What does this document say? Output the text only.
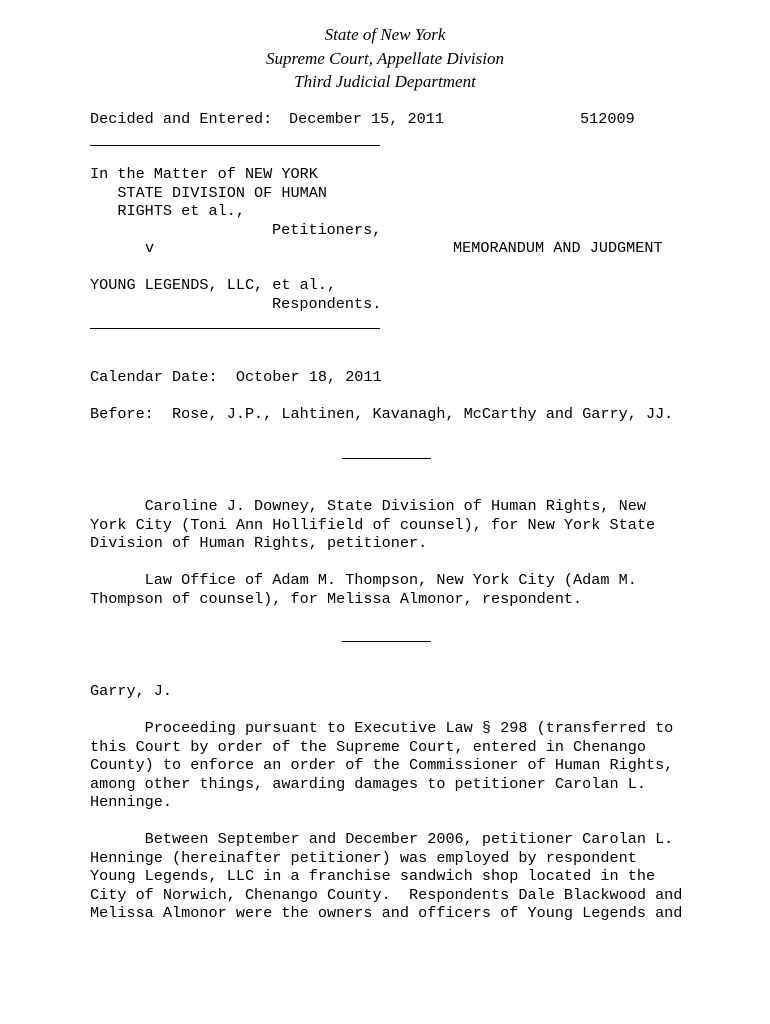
State of New York
Supreme Court, Appellate Division
Third Judicial Department
Decided and Entered: December 15, 2011	512009
In the Matter of NEW YORK
STATE DIVISION OF HUMAN
RIGHTS et al.,
Petitioners,
v	MEMORANDUM AND JUDGMENT
YOUNG LEGENDS, LLC, et al.,
Respondents.
Calendar Date:  October 18, 2011
Before:  Rose, J.P., Lahtinen, Kavanagh, McCarthy and Garry, JJ.
Caroline J. Downey, State Division of Human Rights, New
York City (Toni Ann Hollifield of counsel), for New York State
Division of Human Rights, petitioner.
Law Office of Adam M. Thompson, New York City (Adam M.
Thompson of counsel), for Melissa Almonor, respondent.
Garry, J.
Proceeding pursuant to Executive Law § 298 (transferred to
this Court by order of the Supreme Court, entered in Chenango
County) to enforce an order of the Commissioner of Human Rights,
among other things, awarding damages to petitioner Carolan L.
Henninge.
Between September and December 2006, petitioner Carolan L.
Henninge (hereinafter petitioner) was employed by respondent
Young Legends, LLC in a franchise sandwich shop located in the
City of Norwich, Chenango County.  Respondents Dale Blackwood and
Melissa Almonor were the owners and officers of Young Legends and
